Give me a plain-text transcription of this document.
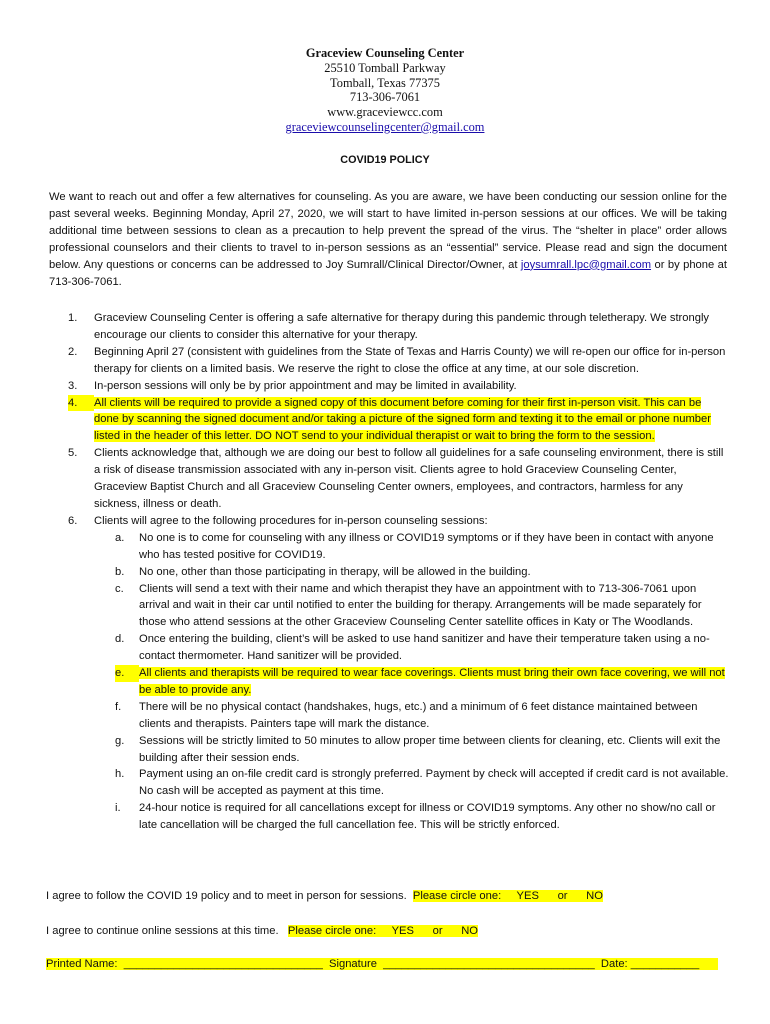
Graceview Counseling Center
25510 Tomball Parkway
Tomball, Texas 77375
713-306-7061
www.graceviewcc.com
graceviewcounselingcenter@gmail.com
COVID19 POLICY
We want to reach out and offer a few alternatives for counseling. As you are aware, we have been conducting our session online for the past several weeks. Beginning Monday, April 27, 2020, we will start to have limited in-person sessions at our offices. We will be taking additional time between sessions to clean as a precaution to help prevent the spread of the virus. The “shelter in place” order allows professional counselors and their clients to travel to in-person sessions as an “essential” service. Please read and sign the document below. Any questions or concerns can be addressed to Joy Sumrall/Clinical Director/Owner, at joysumrall.lpc@gmail.com or by phone at 713-306-7061.
1.	Graceview Counseling Center is offering a safe alternative for therapy during this pandemic through teletherapy. We strongly encourage our clients to consider this alternative for your therapy.
2.	Beginning April 27 (consistent with guidelines from the State of Texas and Harris County) we will re-open our office for in-person therapy for clients on a limited basis. We reserve the right to close the office at any time, at our sole discretion.
3.	In-person sessions will only be by prior appointment and may be limited in availability.
4.	All clients will be required to provide a signed copy of this document before coming for their first in-person visit. This can be done by scanning the signed document and/or taking a picture of the signed form and texting it to the email or phone number listed in the header of this letter. DO NOT send to your individual therapist or wait to bring the form to the session.
5.	Clients acknowledge that, although we are doing our best to follow all guidelines for a safe counseling environment, there is still a risk of disease transmission associated with any in-person visit. Clients agree to hold Graceview Counseling Center, Graceview Baptist Church and all Graceview Counseling Center owners, employees, and contractors, harmless for any sickness, illness or death.
6.	Clients will agree to the following procedures for in-person counseling sessions:
a.	No one is to come for counseling with any illness or COVID19 symptoms or if they have been in contact with anyone who has tested positive for COVID19.
b.	No one, other than those participating in therapy, will be allowed in the building.
c.	Clients will send a text with their name and which therapist they have an appointment with to 713-306-7061 upon arrival and wait in their car until notified to enter the building for therapy. Arrangements will be made separately for those who attend sessions at the other Graceview Counseling Center satellite offices in Katy or The Woodlands.
d.	Once entering the building, client’s will be asked to use hand sanitizer and have their temperature taken using a no-contact thermometer. Hand sanitizer will be provided.
e.	All clients and therapists will be required to wear face coverings. Clients must bring their own face covering, we will not be able to provide any.
f.	There will be no physical contact (handshakes, hugs, etc.) and a minimum of 6 feet distance maintained between clients and therapists. Painters tape will mark the distance.
g.	Sessions will be strictly limited to 50 minutes to allow proper time between clients for cleaning, etc. Clients will exit the building after their session ends.
h.	Payment using an on-file credit card is strongly preferred. Payment by check will accepted if credit card is not available. No cash will be accepted as payment at this time.
i.	24-hour notice is required for all cancellations except for illness or COVID19 symptoms. Any other no show/no call or late cancellation will be charged the full cancellation fee. This will be strictly enforced.
I agree to follow the COVID 19 policy and to meet in person for sessions.  Please circle one:     YES      or      NO
I agree to continue online sessions at this time.   Please circle one:     YES      or      NO
Printed Name:  ________________________________  Signature  __________________________________  Date: ___________
